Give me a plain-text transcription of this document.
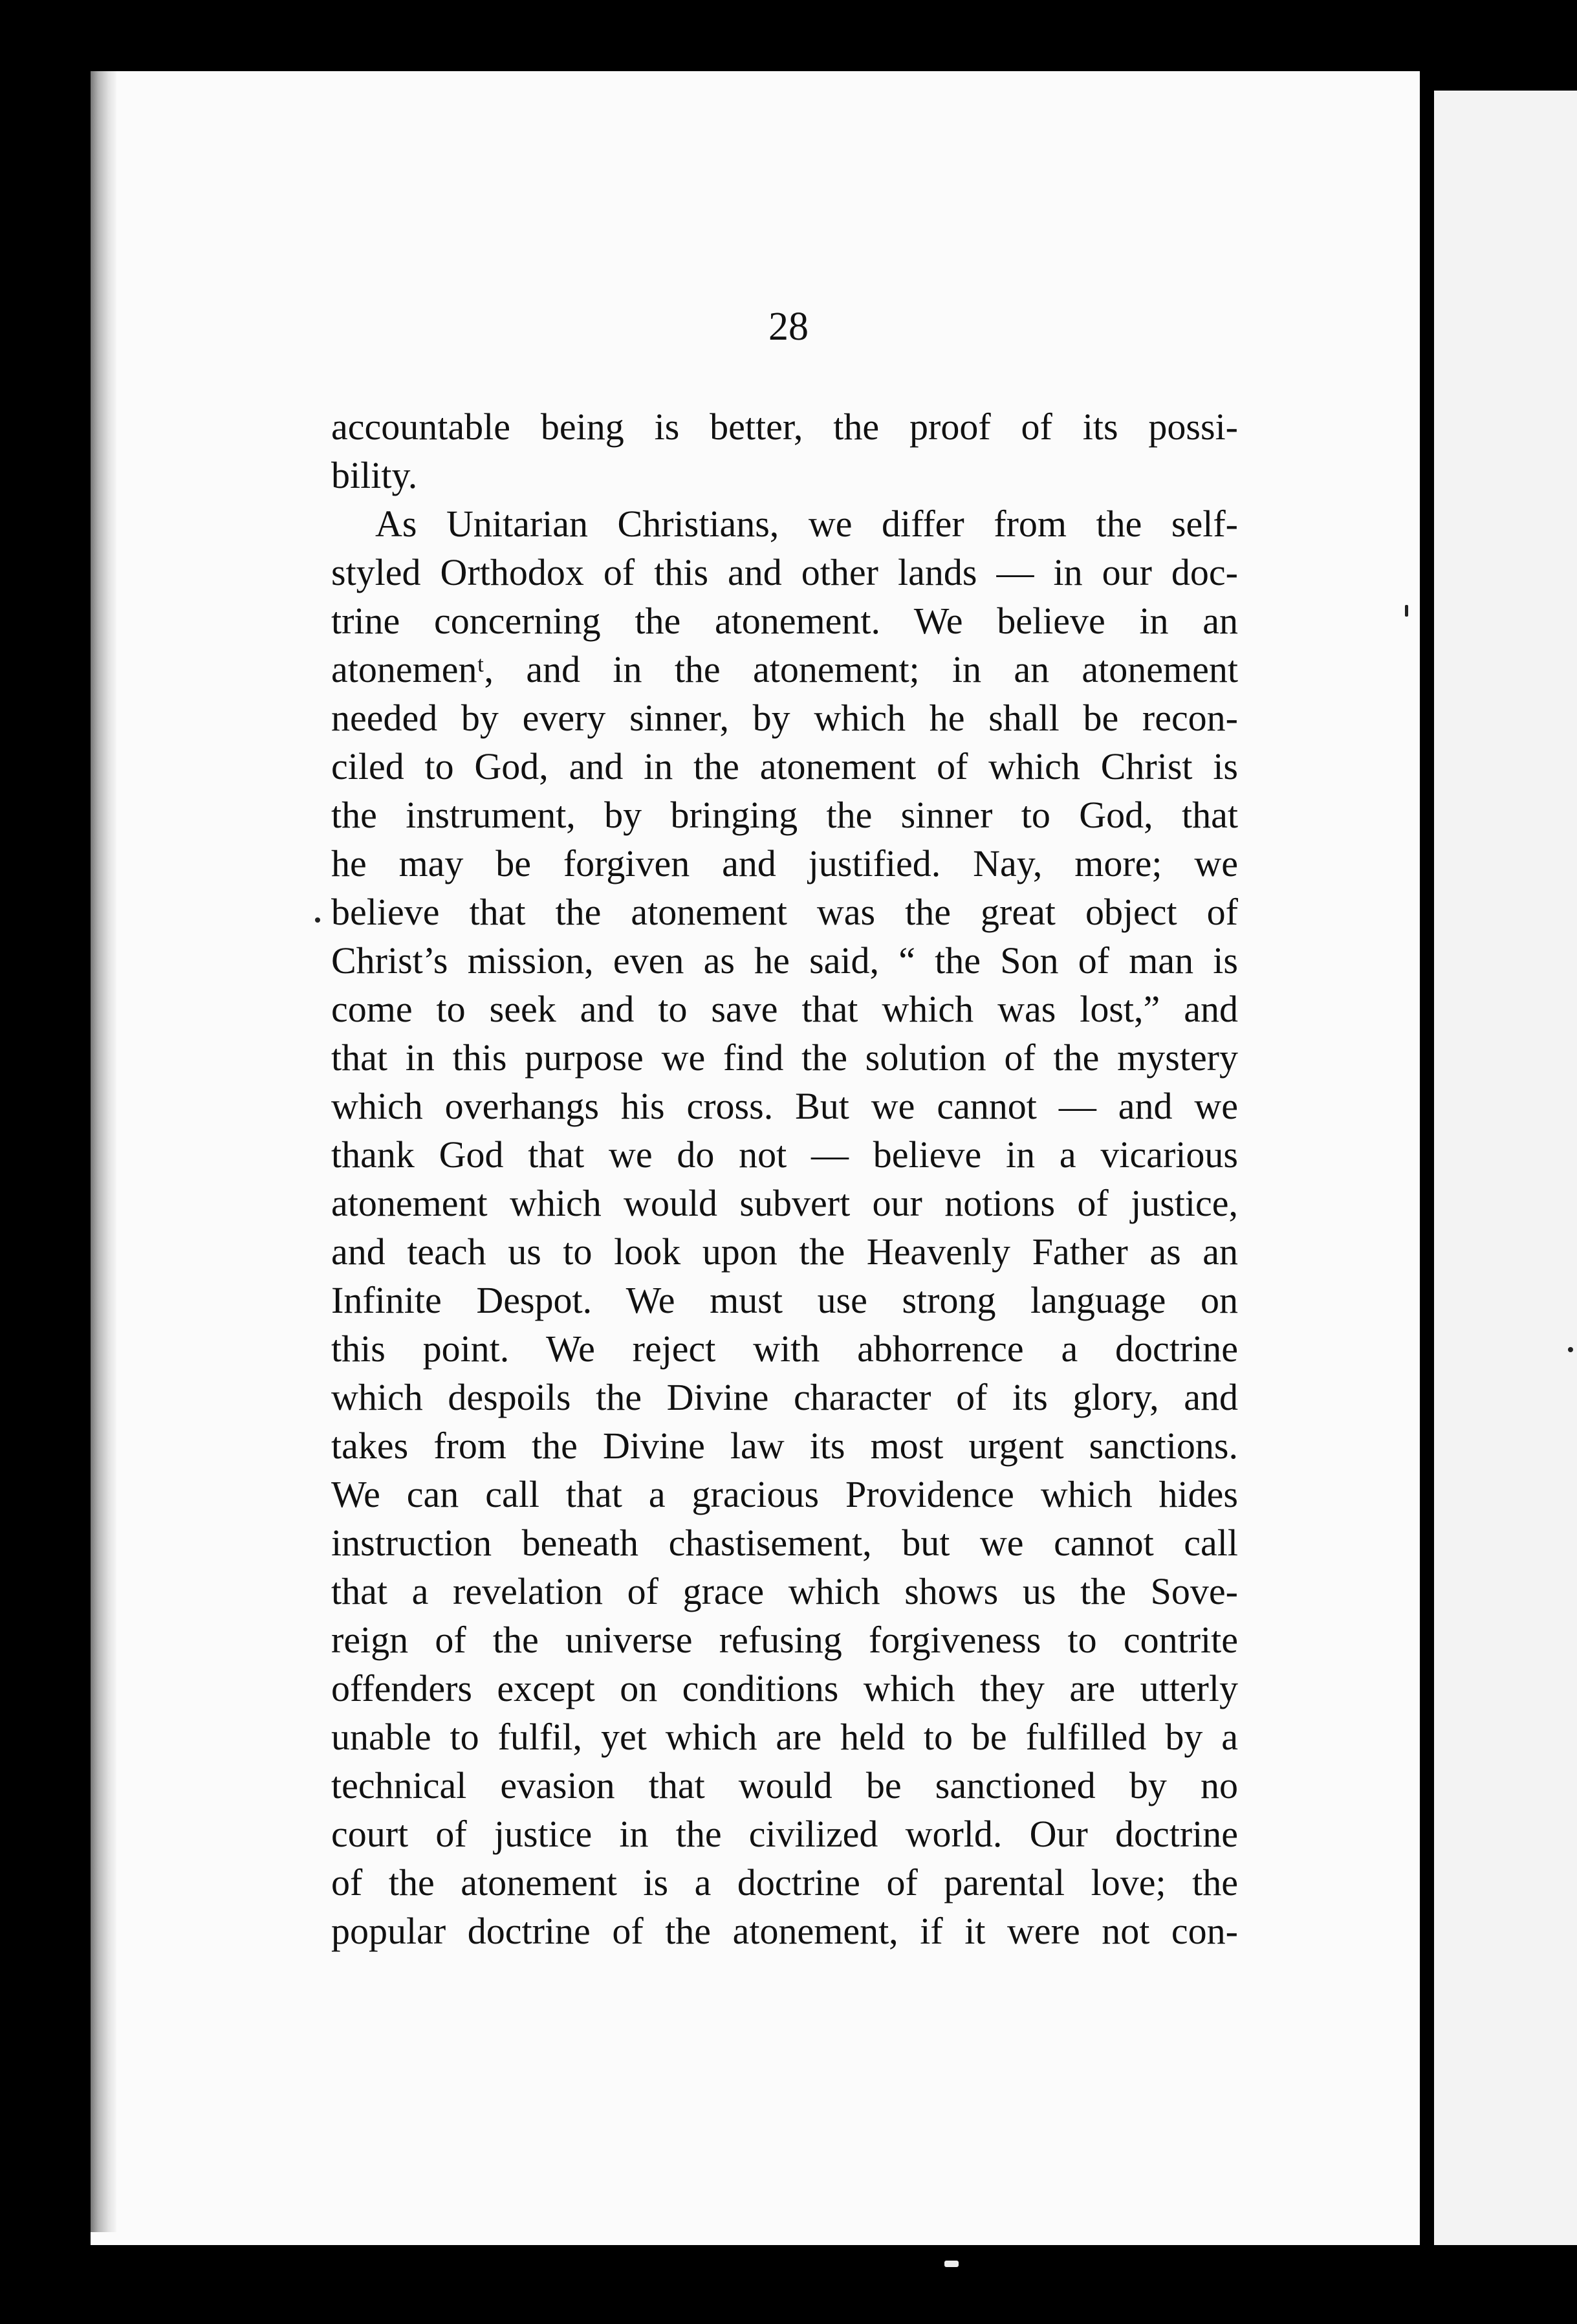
28

accountable being is better, the proof of its possi-
bility.
As Unitarian Christians, we differ from the self-
styled Orthodox of this and other lands — in our doc-
trine concerning the atonement. We believe in an
atonemenᵗ, and in the atonement; in an atonement
needed by every sinner, by which he shall be recon-
ciled to God, and in the atonement of which Christ is
the instrument, by bringing the sinner to God, that
he may be forgiven and justified. Nay, more; we
believe that the atonement was the great object of
Christ’s mission, even as he said, “ the Son of man is
come to seek and to save that which was lost,” and
that in this purpose we find the solution of the mystery
which overhangs his cross. But we cannot — and we
thank God that we do not — believe in a vicarious
atonement which would subvert our notions of justice,
and teach us to look upon the Heavenly Father as an
Infinite Despot. We must use strong language on
this point. We reject with abhorrence a doctrine
which despoils the Divine character of its glory, and
takes from the Divine law its most urgent sanctions.
We can call that a gracious Providence which hides
instruction beneath chastisement, but we cannot call
that a revelation of grace which shows us the Sove-
reign of the universe refusing forgiveness to contrite
offenders except on conditions which they are utterly
unable to fulfil, yet which are held to be fulfilled by a
technical evasion that would be sanctioned by no
court of justice in the civilized world. Our doctrine
of the atonement is a doctrine of parental love; the
popular doctrine of the atonement, if it were not con-
